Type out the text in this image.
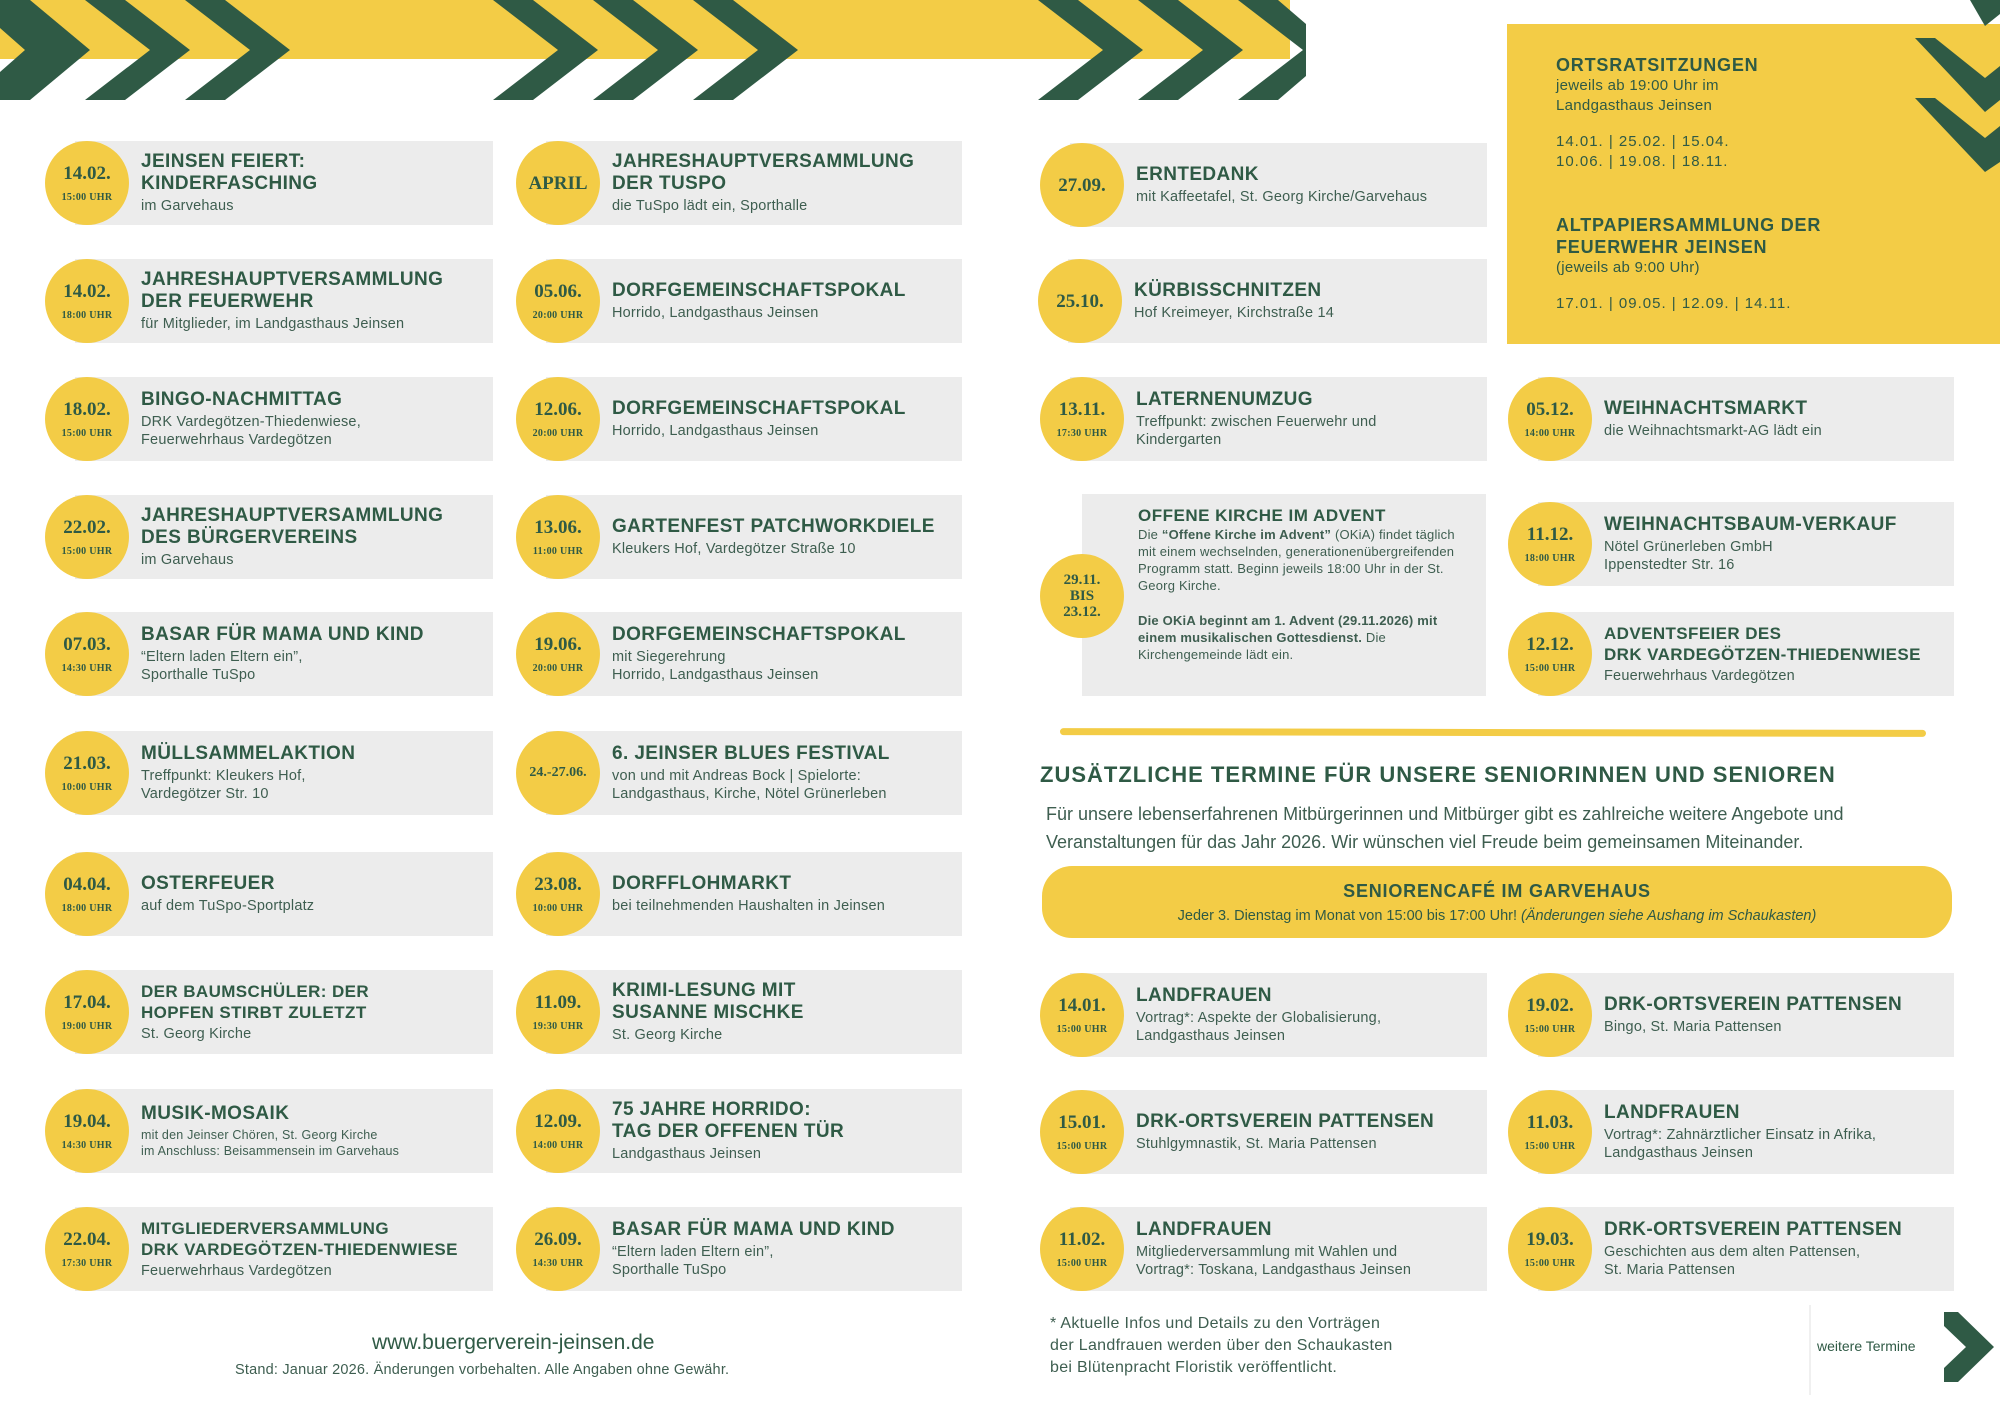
ORTSRATSITZUNGEN
jeweils ab 19:00 Uhr im
Landgasthaus Jeinsen
14.01. | 25.02. | 15.04.
10.06. | 19.08. | 18.11.
ALTPAPIERSAMMLUNG DER
FEUERWEHR JEINSEN
(jeweils ab 9:00 Uhr)
17.01. | 09.05. | 12.09. | 14.11.
14.02.
15:00 UHR
JEINSEN FEIERT:
KINDERFASCHING
im Garvehaus
14.02.
18:00 UHR
JAHRESHAUPTVERSAMMLUNG
DER FEUERWEHR
für Mitglieder, im Landgasthaus Jeinsen
18.02.
15:00 UHR
BINGO-NACHMITTAG
DRK Vardegötzen-Thiedenwiese,
Feuerwehrhaus Vardegötzen
22.02.
15:00 UHR
JAHRESHAUPTVERSAMMLUNG
DES BÜRGERVEREINS
im Garvehaus
07.03.
14:30 UHR
BASAR FÜR MAMA UND KIND
“Eltern laden Eltern ein”,
Sporthalle TuSpo
21.03.
10:00 UHR
MÜLLSAMMELAKTION
Treffpunkt: Kleukers Hof,
Vardegötzer Str. 10
04.04.
18:00 UHR
OSTERFEUER
auf dem TuSpo-Sportplatz
17.04.
19:00 UHR
DER BAUMSCHÜLER: DER
HOPFEN STIRBT ZULETZT
St. Georg Kirche
19.04.
14:30 UHR
MUSIK-MOSAIK
mit den Jeinser Chören, St. Georg Kirche
im Anschluss: Beisammensein im Garvehaus
22.04.
17:30 UHR
MITGLIEDERVERSAMMLUNG
DRK VARDEGÖTZEN-THIEDENWIESE
Feuerwehrhaus Vardegötzen
APRIL
JAHRESHAUPTVERSAMMLUNG
DER TUSPO
die TuSpo lädt ein, Sporthalle
05.06.
20:00 UHR
DORFGEMEINSCHAFTSPOKAL
Horrido, Landgasthaus Jeinsen
12.06.
20:00 UHR
DORFGEMEINSCHAFTSPOKAL
Horrido, Landgasthaus Jeinsen
13.06.
11:00 UHR
GARTENFEST PATCHWORKDIELE
Kleukers Hof, Vardegötzer Straße 10
19.06.
20:00 UHR
DORFGEMEINSCHAFTSPOKAL
mit Siegerehrung
Horrido, Landgasthaus Jeinsen
24.-27.06.
6. JEINSER BLUES FESTIVAL
von und mit Andreas Bock | Spielorte:
Landgasthaus, Kirche, Nötel Grünerleben
23.08.
10:00 UHR
DORFFLOHMARKT
bei teilnehmenden Haushalten in Jeinsen
11.09.
19:30 UHR
KRIMI-LESUNG MIT
SUSANNE MISCHKE
St. Georg Kirche
12.09.
14:00 UHR
75 JAHRE HORRIDO:
TAG DER OFFENEN TÜR
Landgasthaus Jeinsen
26.09.
14:30 UHR
BASAR FÜR MAMA UND KIND
“Eltern laden Eltern ein”,
Sporthalle TuSpo
27.09. ERNTEDANK
mit Kaffeetafel, St. Georg Kirche/Garvehaus
25.10. KÜRBISSCHNITZEN
Hof Kreimeyer, Kirchstraße 14
13.11.
17:30 UHR
LATERNENUMZUG
Treffpunkt: zwischen Feuerwehr und
Kindergarten
05.12.
14:00 UHR
WEIHNACHTSMARKT
die Weihnachtsmarkt-AG lädt ein
11.12.
18:00 UHR
WEIHNACHTSBAUM-VERKAUF
Nötel Grünerleben GmbH
Ippenstedter Str. 16
12.12.
15:00 UHR
ADVENTSFEIER DES
DRK VARDEGÖTZEN-THIEDENWIESE
Feuerwehrhaus Vardegötzen
14.01.
15:00 UHR
LANDFRAUEN
Vortrag*: Aspekte der Globalisierung,
Landgasthaus Jeinsen
19.02.
15:00 UHR
DRK-ORTSVEREIN PATTENSEN
Bingo, St. Maria Pattensen
15.01.
15:00 UHR
DRK-ORTSVEREIN PATTENSEN
Stuhlgymnastik, St. Maria Pattensen
11.03.
15:00 UHR
LANDFRAUEN
Vortrag*: Zahnärztlicher Einsatz in Afrika,
Landgasthaus Jeinsen
11.02.
15:00 UHR
LANDFRAUEN
Mitgliederversammlung mit Wahlen und
Vortrag*: Toskana, Landgasthaus Jeinsen
19.03.
15:00 UHR
DRK-ORTSVEREIN PATTENSEN
Geschichten aus dem alten Pattensen,
St. Maria Pattensen
29.11.
BIS
23.12.
OFFENE KIRCHE IM ADVENT

Die “Offene Kirche im Advent” (OKiA) findet täglich mit einem wechselnden, generationenübergreifenden Programm statt. Beginn jeweils 18:00 Uhr in der St. Georg Kirche.

Die OKiA beginnt am 1. Advent (29.11.2026) mit einem musikalischen Gottesdienst. Die Kirchengemeinde lädt ein.

ZUSÄTZLICHE TERMINE FÜR UNSERE SENIORINNEN UND SENIOREN
Für unsere lebenserfahrenen Mitbürgerinnen und Mitbürger gibt es zahlreiche weitere Angebote und Veranstaltungen für das Jahr 2026. Wir wünschen viel Freude beim gemeinsamen Miteinander.
SENIORENCAFÉ IM GARVEHAUS
Jeder 3. Dienstag im Monat von 15:00 bis 17:00 Uhr! (Änderungen siehe Aushang im Schaukasten)
* Aktuelle Infos und Details zu den Vorträgen
der Landfrauen werden über den Schaukasten
bei Blütenpracht Floristik veröffentlicht.
www.buergerverein-jeinsen.de
Stand: Januar 2026. Änderungen vorbehalten. Alle Angaben ohne Gewähr.
weitere Termine
